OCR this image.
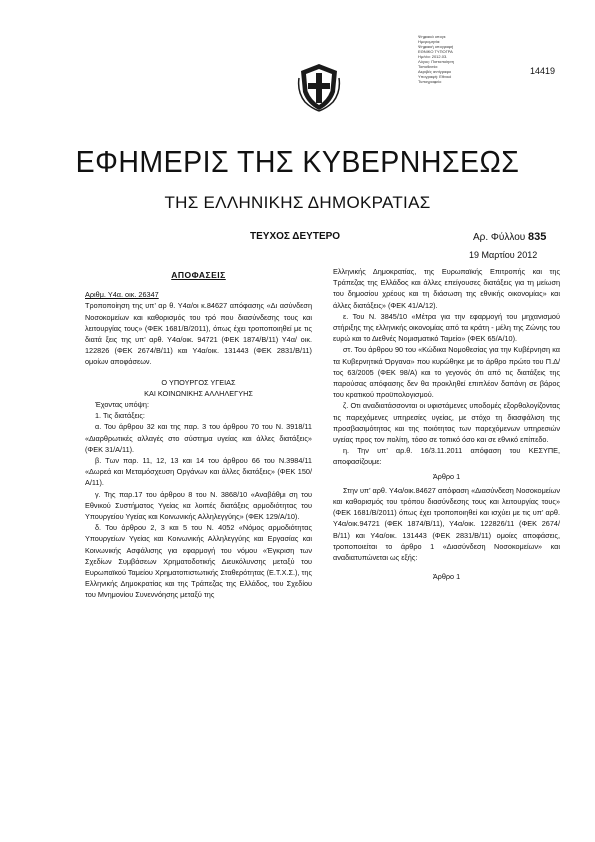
Ψηφιακά υπογε
Ημερομηνία:
Ψηφιακή υπογραφή
ΕΘΝΙΚΟ ΤΥΠΟΓΡΑ
Ημ/νία: 2012.03.
Λόγος: Πιστοποίηση
Τοποθεσία:
Ακριβές αντίγραφο
Υπογραφή: Εθνικό
Τυπογραφείο
14419
ΕΦΗΜΕΡΙΣ ΤΗΣ ΚΥΒΕΡΝΗΣΕΩΣ
ΤΗΣ ΕΛΛΗΝΙΚΗΣ ΔΗΜΟΚΡΑΤΙΑΣ
ΤΕΥΧΟΣ ΔΕΥΤΕΡΟ	Αρ. Φύλλου 835
19 Μαρτίου 2012

ΑΠΟΦΑΣΕΙΣ

Αριθμ. Υ4α. οικ. 26347

Τροποποίηση της υπ’ αρ θ. Υ4α/οι κ.84627 απόφασης «Δι ασύνδεση Νοσοκομείων και καθορισμός του τρό που διασύνδεσης τους και λειτουργίας τους» (ΦΕΚ 1681/Β/2011), όπως έχει τροποποιηθεί με τις διατά ξεις της υπ’ αρθ. Υ4α/οικ. 94721 (ΦΕΚ 1874/Β/11) Υ4α/ οικ. 122826 (ΦΕΚ 2674/Β/11) και Υ4α/οικ. 131443 (ΦΕΚ 2831/Β/11) ομοίων αποφάσεων.

Ο ΥΠΟΥΡΓΟΣ ΥΓΕΙΑΣ

ΚΑΙ ΚΟΙΝΩΝΙΚΗΣ ΑΛΛΗΛΕΓΥΗΣ

Έχοντας υπόψη:

1. Τις διατάξεις:

α. Του άρθρου 32 και της παρ. 3 του άρθρου 70 του Ν. 3918/11 «Διαρθρωτικές αλλαγές στο σύστημα υγείας και άλλες διατάξεις» (ΦΕΚ 31/Α/11).

β. Των παρ. 11, 12, 13 και 14 του άρθρου 66 του Ν.3984/11 «Δωρεά και Μεταμόσχευση Οργάνων και άλλες διατάξεις» (ΦΕΚ 150/Α/11).

γ. Της παρ.17 του άρθρου 8 του Ν. 3868/10 «Αναβάθμι ση του Εθνικού Συστήματος Υγείας κα λοιπές διατάξεις αρμοδιότητας του Υπουργείου Υγείας και Κοινωνικής Αλληλεγγύης» (ΦΕΚ 129/Α/10).

δ. Του άρθρου 2, 3 και 5 του Ν. 4052 «Νόμος αρμοδιότητας Υπουργείων Υγείας και Κοινωνικής Αλληλεγγύης και Εργασίας και Κοινωνικής Ασφάλισης για εφαρμογή του νόμου «Έγκριση των Σχεδίων Συμβάσεων Χρηματοδοτικής Διευκόλυνσης μεταξύ του Ευρωπαϊκού Ταμείου Χρηματοπιστωτικής Σταθερότητας (Ε.Τ.Χ.Σ.), της Ελληνικής Δημοκρατίας και της Τράπεζας της Ελλάδος, του Σχεδίου του Μνημονίου Συνεννόησης μεταξύ της

Ελληνικής Δημοκρατίας, της Ευρωπαϊκής Επιτροπής και της Τράπεζας της Ελλάδος και άλλες επείγουσες διατάξεις για τη μείωση του δημοσίου χρέους και τη διάσωση της εθνικής οικονομίας» και άλλες διατάξεις» (ΦΕΚ 41/Α/12).

ε. Του Ν. 3845/10 «Μέτρα για την εφαρμογή του μηχανισμού στήριξης της ελληνικής οικονομίας από τα κράτη - μέλη της Ζώνης του ευρώ και το Διεθνές Νομισματικό Ταμείο» (ΦΕΚ 65/Α/10).

στ. Του άρθρου 90 του «Κώδικα Νομοθεσίας για την Κυβέρνηση κα τα Κυβερνητικά Όργανα» που κυρώθηκε με το άρθρο πρώτο του Π.Δ/τος 63/2005 (ΦΕΚ 98/Α) και το γεγονός ότι από τις διατάξεις της παρούσας απόφασης δεν θα προκληθεί επιπλέον δαπάνη σε βάρος του κρατικού προϋπολογισμού.

ζ. Οτι αναδιατάσσονται οι υφιστάμενες υποδομές εξορθολογίζοντας τις παρεχόμενες υπηρεσίες υγείας, με στόχο τη διασφάλιση της προσβασιμότητας και της ποιότητας των παρεχόμενων υπηρεσιών υγείας προς τον πολίτη, τόσο σε τοπικό όσο και σε εθνικό επίπεδο.

η. Την υπ’ αρ.θ. 16/3.11.2011 απόφαση του ΚΕΣΥΠΕ, αποφασίζουμε:

Άρθρο 1

Στην υπ’ αρθ. Υ4α/οικ.84627 απόφαση «Διασύνδεση Νοσοκομείων και καθορισμός του τρόπου διασύνδεσης τους και λειτουργίας τους» (ΦΕΚ 1681/Β/2011) όπως έχει τροποποιηθεί και ισχύει με τις υπ’ αρθ. Υ4α/οικ.94721 (ΦΕΚ 1874/Β/11), Υ4α/οικ. 122826/11 (ΦΕΚ 2674/Β/11) και Υ4α/οικ. 131443 (ΦΕΚ 2831/Β/11) ομοίες αποφάσεις, τροποποιείται το άρθρο 1 «Διασύνδεση Νοσοκομείων» και αναδιατυπώνεται ως εξής:

Άρθρο 1
